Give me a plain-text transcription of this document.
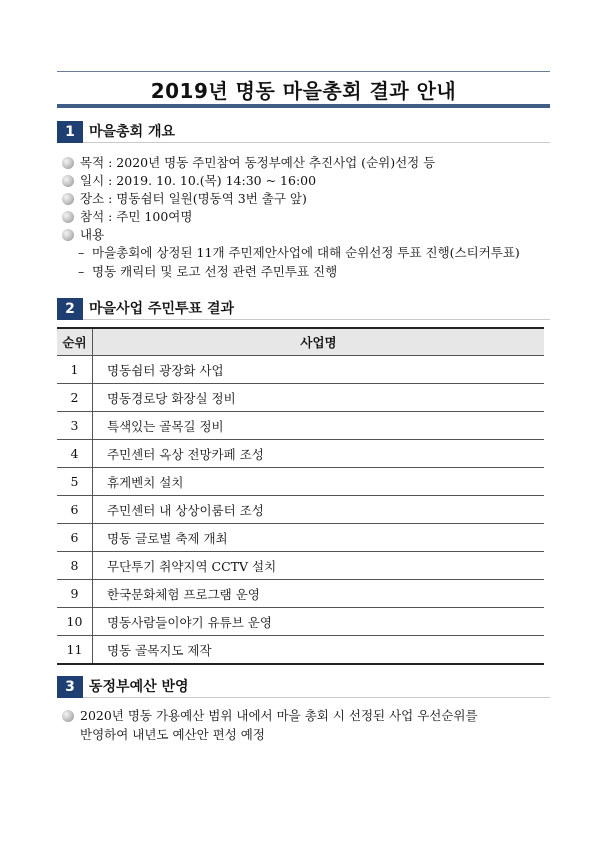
2019년 명동 마을총회 결과 안내
1	마을총회 개요
목적 : 2020년 명동 주민참여 동정부예산 추진사업 (순위)선정 등
일시 : 2019. 10. 10.(목) 14:30 ~ 16:00
장소 : 명동쉼터 일원(명동역 3번 출구 앞)
참석 : 주민 100여명
내용
– 마을총회에 상정된 11개 주민제안사업에 대해 순위선정 투표 진행(스티커투표)
– 명동 캐릭터 및 로고 선정 관련 주민투표 진행
2	마을사업 주민투표 결과
순위	사업명
1	명동쉼터 광장화 사업
2	명동경로당 화장실 정비
3	특색있는 골목길 정비
4	주민센터 옥상 전망카페 조성
5	휴게벤치 설치
6	주민센터 내 상상이룸터 조성
6	명동 글로벌 축제 개최
8	무단투기 취약지역 CCTV 설치
9	한국문화체험 프로그램 운영
10	명동사람들이야기 유튜브 운영
11	명동 골목지도 제작
3	동정부예산 반영
2020년 명동 가용예산 범위 내에서 마을 총회 시 선정된 사업 우선순위를
반영하여 내년도 예산안 편성 예정
